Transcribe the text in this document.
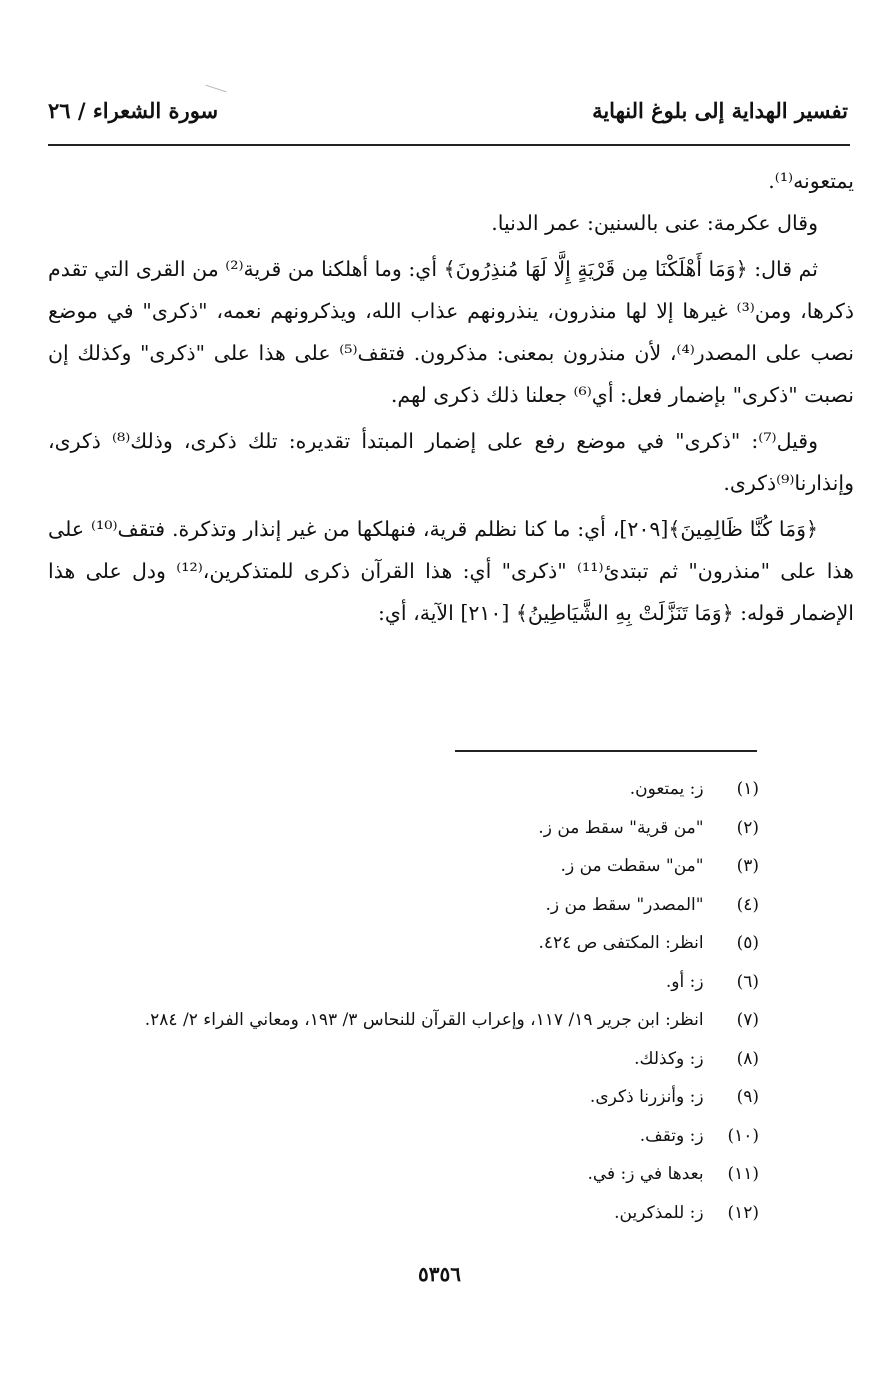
تفسير الهداية إلى بلوغ النهاية
سورة الشعراء / ٢٦

يمتعونه⁽¹⁾.

وقال عكرمة: عنى بالسنين: عمر الدنيا.

ثم قال: ﴿وَمَا أَهْلَكْنَا مِن قَرْيَةٍ إِلَّا لَهَا مُنذِرُونَ﴾ أي: وما أهلكنا من قرية⁽²⁾ من القرى التي تقدم ذكرها، ومن⁽³⁾ غيرها إلا لها منذرون، ينذرونهم عذاب الله، ويذكرونهم نعمه، "ذكرى" في موضع نصب على المصدر⁽⁴⁾، لأن منذرون بمعنى: مذكرون. فتقف⁽⁵⁾ على هذا على "ذكرى" وكذلك إن نصبت "ذكرى" بإضمار فعل: أي⁽⁶⁾ جعلنا ذلك ذكرى لهم.

وقيل⁽⁷⁾: "ذكرى" في موضع رفع على إضمار المبتدأ تقديره: تلك ذكرى، وذلك⁽⁸⁾ ذكرى، وإنذارنا⁽⁹⁾ذكرى.

﴿وَمَا كُنَّا ظَالِمِينَ﴾[٢٠٩]، أي: ما كنا نظلم قرية، فنهلكها من غير إنذار وتذكرة. فتقف⁽¹⁰⁾ على هذا على "منذرون" ثم تبتدئ⁽¹¹⁾ "ذكرى" أي: هذا القرآن ذكرى للمتذكرين،⁽¹²⁾ ودل على هذا الإضمار قوله: ﴿وَمَا تَنَزَّلَتْ بِهِ الشَّيَاطِينُ﴾ [٢١٠] الآية، أي:

(١) ز: يمتعون.
(٢) "من قرية" سقط من ز.
(٣) "من" سقطت من ز.
(٤) "المصدر" سقط من ز.
(٥) انظر: المكتفى ص ٤٢٤.
(٦) ز: أو.
(٧) انظر: ابن جرير ١٩/ ١١٧، وإعراب القرآن للنحاس ٣/ ١٩٣، ومعاني الفراء ٢/ ٢٨٤.
(٨) ز: وكذلك.
(٩) ز: وأنزرنا ذكرى.
(١٠) ز: وتقف.
(١١) بعدها في ز: في.
(١٢) ز: للمذكرين.
٥٣٥٦
